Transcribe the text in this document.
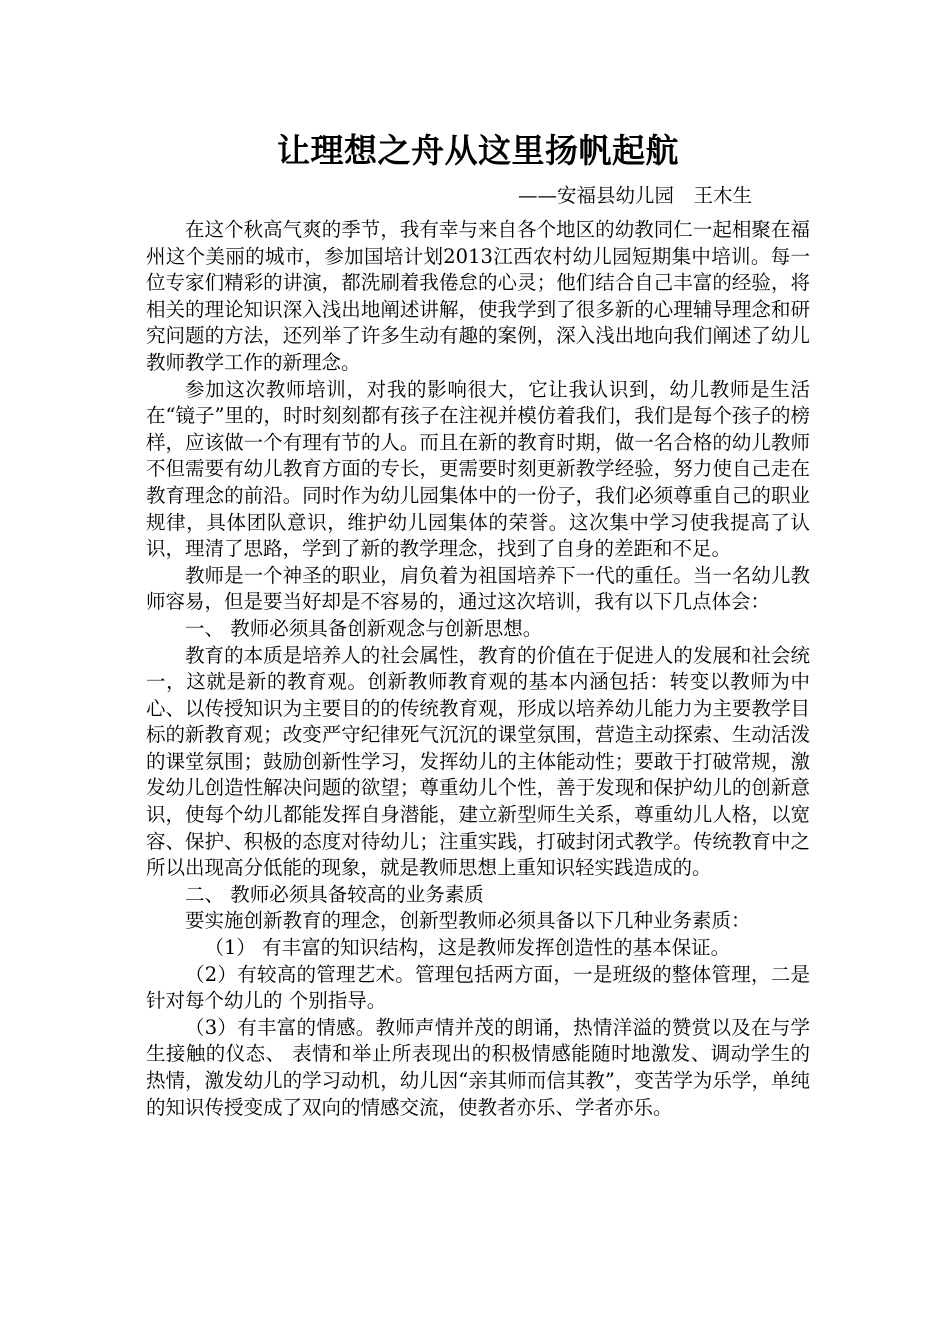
让理想之舟从这里扬帆起航
——安福县幼儿园　王木生

在这个秋高气爽的季节，我有幸与来自各个地区的幼教同仁一起相聚在福州这个美丽的城市，参加国培计划2013江西农村幼儿园短期集中培训。每一位专家们精彩的讲演，都洗刷着我倦怠的心灵；他们结合自己丰富的经验，将相关的理论知识深入浅出地阐述讲解，使我学到了很多新的心理辅导理念和研究问题的方法，还列举了许多生动有趣的案例，深入浅出地向我们阐述了幼儿教师教学工作的新理念。

参加这次教师培训，对我的影响很大，它让我认识到，幼儿教师是生活在“镜子”里的，时时刻刻都有孩子在注视并模仿着我们，我们是每个孩子的榜样，应该做一个有理有节的人。而且在新的教育时期，做一名合格的幼儿教师不但需要有幼儿教育方面的专长，更需要时刻更新教学经验，努力使自己走在教育理念的前沿。同时作为幼儿园集体中的一份子，我们必须尊重自己的职业规律，具体团队意识，维护幼儿园集体的荣誉。这次集中学习使我提高了认识，理清了思路，学到了新的教学理念，找到了自身的差距和不足。

教师是一个神圣的职业，肩负着为祖国培养下一代的重任。当一名幼儿教师容易，但是要当好却是不容易的，通过这次培训，我有以下几点体会：

一、 教师必须具备创新观念与创新思想。

教育的本质是培养人的社会属性，教育的价值在于促进人的发展和社会统一，这就是新的教育观。创新教师教育观的基本内涵包括：转变以教师为中心、以传授知识为主要目的的传统教育观，形成以培养幼儿能力为主要教学目标的新教育观；改变严守纪律死气沉沉的课堂氛围，营造主动探索、生动活泼的课堂氛围；鼓励创新性学习，发挥幼儿的主体能动性；要敢于打破常规，激发幼儿创造性解决问题的欲望；尊重幼儿个性，善于发现和保护幼儿的创新意识，使每个幼儿都能发挥自身潜能，建立新型师生关系，尊重幼儿人格，以宽容、保护、积极的态度对待幼儿；注重实践，打破封闭式教学。传统教育中之所以出现高分低能的现象，就是教师思想上重知识轻实践造成的。

二、 教师必须具备较高的业务素质

要实施创新教育的理念，创新型教师必须具备以下几种业务素质：

（1） 有丰富的知识结构，这是教师发挥创造性的基本保证。

（2）有较高的管理艺术。管理包括两方面，一是班级的整体管理，二是针对每个幼儿的 个别指导。

（3）有丰富的情感。教师声情并茂的朗诵，热情洋溢的赞赏以及在与学生接触的仪态、 表情和举止所表现出的积极情感能随时地激发、调动学生的热情，激发幼儿的学习动机，幼儿因“亲其师而信其教”，变苦学为乐学，单纯的知识传授变成了双向的情感交流，使教者亦乐、学者亦乐。
